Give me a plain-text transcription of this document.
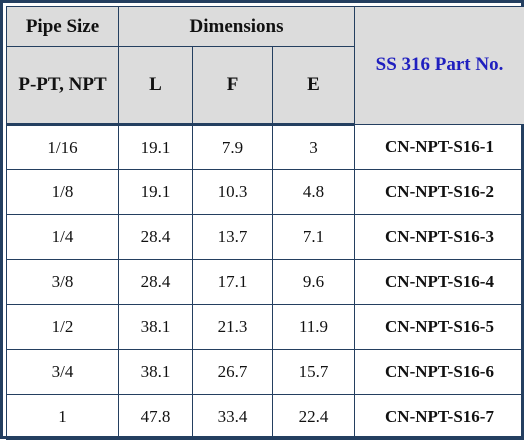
Pipe Size	Dimensions			SS 316 Part No.
P-PT, NPT	L	F	E	
1/16	19.1	7.9	3	CN-NPT-S16-1
1/8	19.1	10.3	4.8	CN-NPT-S16-2
1/4	28.4	13.7	7.1	CN-NPT-S16-3
3/8	28.4	17.1	9.6	CN-NPT-S16-4
1/2	38.1	21.3	11.9	CN-NPT-S16-5
3/4	38.1	26.7	15.7	CN-NPT-S16-6
1	47.8	33.4	22.4	CN-NPT-S16-7
